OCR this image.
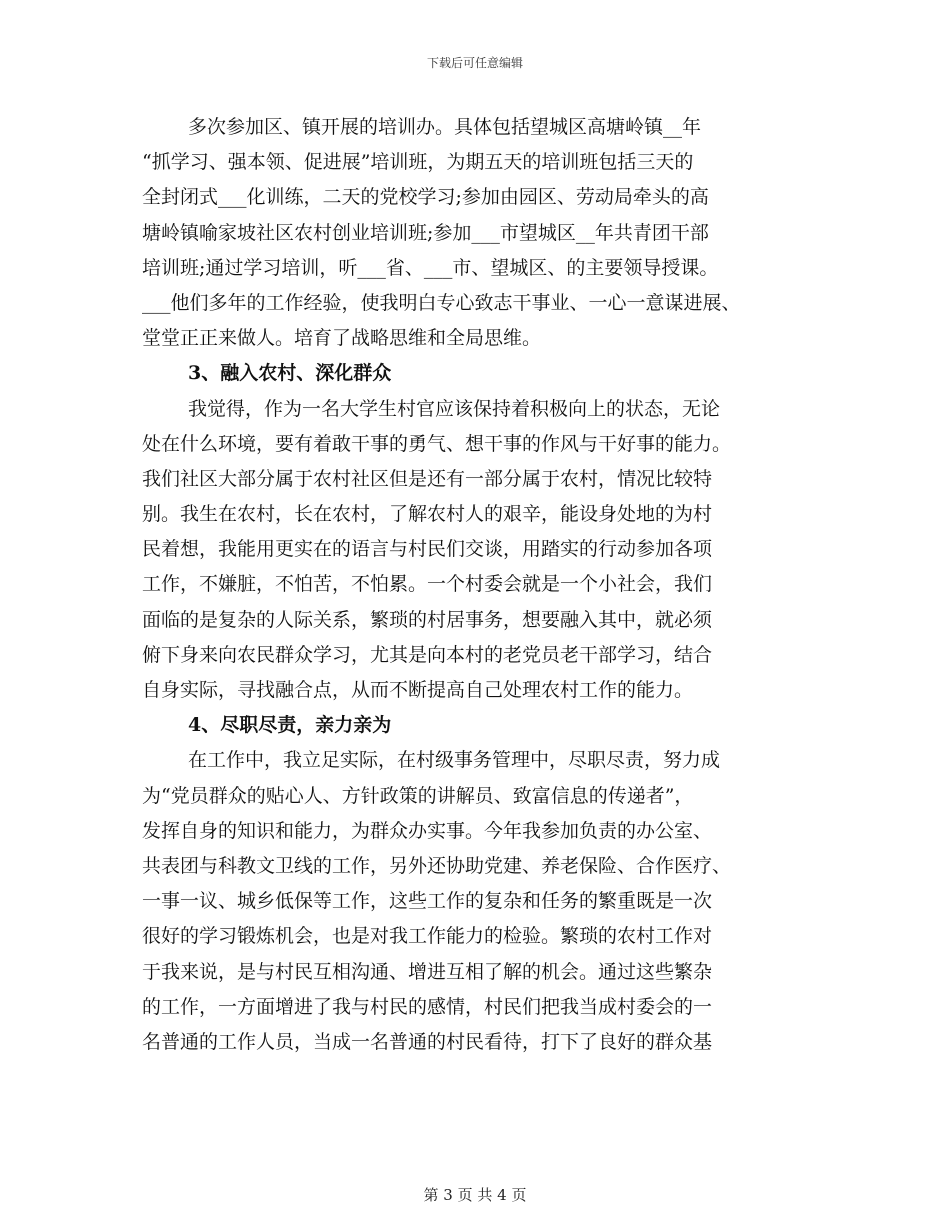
下载后可任意编辑
多次参加区、镇开展的培训办。具体包括望城区高塘岭镇__年
“抓学习、强本领、促进展”培训班，为期五天的培训班包括三天的
全封闭式___化训练，二天的党校学习;参加由园区、劳动局牵头的高
塘岭镇喻家坡社区农村创业培训班;参加___市望城区__年共青团干部
培训班;通过学习培训，听___省、___市、望城区、的主要领导授课。
___他们多年的工作经验，使我明白专心致志干事业、一心一意谋进展、
堂堂正正来做人。培育了战略思维和全局思维。
3、融入农村、深化群众
我觉得，作为一名大学生村官应该保持着积极向上的状态，无论
处在什么环境，要有着敢干事的勇气、想干事的作风与干好事的能力。
我们社区大部分属于农村社区但是还有一部分属于农村，情况比较特
别。我生在农村，长在农村，了解农村人的艰辛，能设身处地的为村
民着想，我能用更实在的语言与村民们交谈，用踏实的行动参加各项
工作，不嫌脏，不怕苦，不怕累。一个村委会就是一个小社会，我们
面临的是复杂的人际关系，繁琐的村居事务，想要融入其中，就必须
俯下身来向农民群众学习，尤其是向本村的老党员老干部学习，结合
自身实际，寻找融合点，从而不断提高自己处理农村工作的能力。
4、尽职尽责，亲力亲为
在工作中，我立足实际，在村级事务管理中，尽职尽责，努力成
为“党员群众的贴心人、方针政策的讲解员、致富信息的传递者”，
发挥自身的知识和能力，为群众办实事。今年我参加负责的办公室、
共表团与科教文卫线的工作，另外还协助党建、养老保险、合作医疗、
一事一议、城乡低保等工作，这些工作的复杂和任务的繁重既是一次
很好的学习锻炼机会，也是对我工作能力的检验。繁琐的农村工作对
于我来说，是与村民互相沟通、增进互相了解的机会。通过这些繁杂
的工作，一方面增进了我与村民的感情，村民们把我当成村委会的一
名普通的工作人员，当成一名普通的村民看待，打下了良好的群众基
第 3 页 共 4 页
